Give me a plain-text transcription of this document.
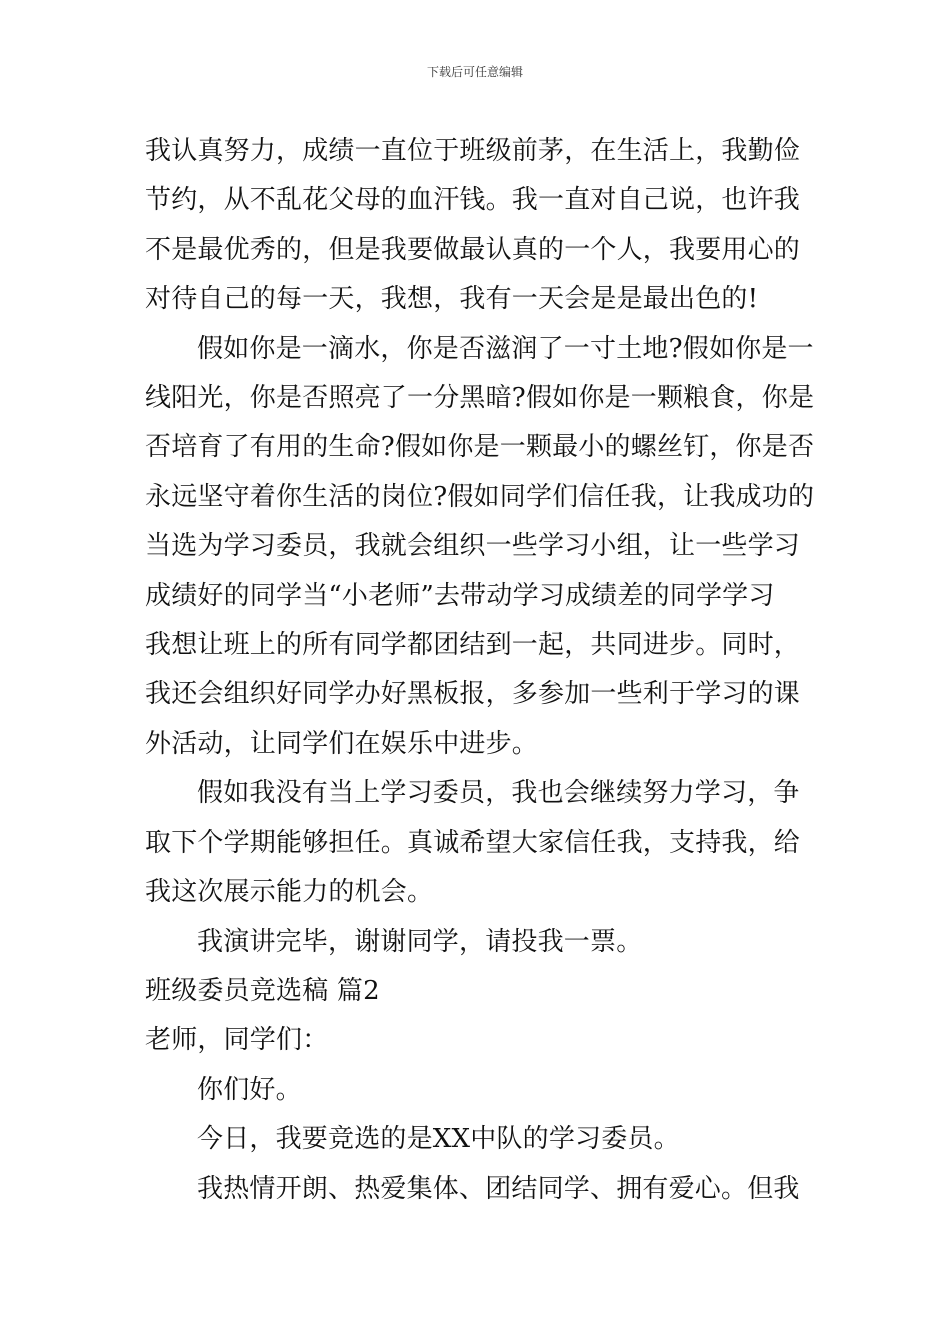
下载后可任意编辑

我认真努力，成绩一直位于班级前茅，在生活上，我勤俭

节约，从不乱花父母的血汗钱。我一直对自己说，也许我

不是最优秀的，但是我要做最认真的一个人，我要用心的

对待自己的每一天，我想，我有一天会是是最出色的!

假如你是一滴水，你是否滋润了一寸土地?假如你是一

线阳光，你是否照亮了一分黑暗?假如你是一颗粮食，你是

否培育了有用的生命?假如你是一颗最小的螺丝钉，你是否

永远坚守着你生活的岗位?假如同学们信任我，让我成功的

当选为学习委员，我就会组织一些学习小组，让一些学习

成绩好的同学当“小老师”去带动学习成绩差的同学学习

我想让班上的所有同学都团结到一起，共同进步。同时，

我还会组织好同学办好黑板报，多参加一些利于学习的课

外活动，让同学们在娱乐中进步。

假如我没有当上学习委员，我也会继续努力学习，争

取下个学期能够担任。真诚希望大家信任我，支持我，给

我这次展示能力的机会。

我演讲完毕，谢谢同学，请投我一票。

班级委员竞选稿 篇2

老师，同学们：

你们好。

今日，我要竞选的是XX中队的学习委员。

我热情开朗、热爱集体、团结同学、拥有爱心。但我
